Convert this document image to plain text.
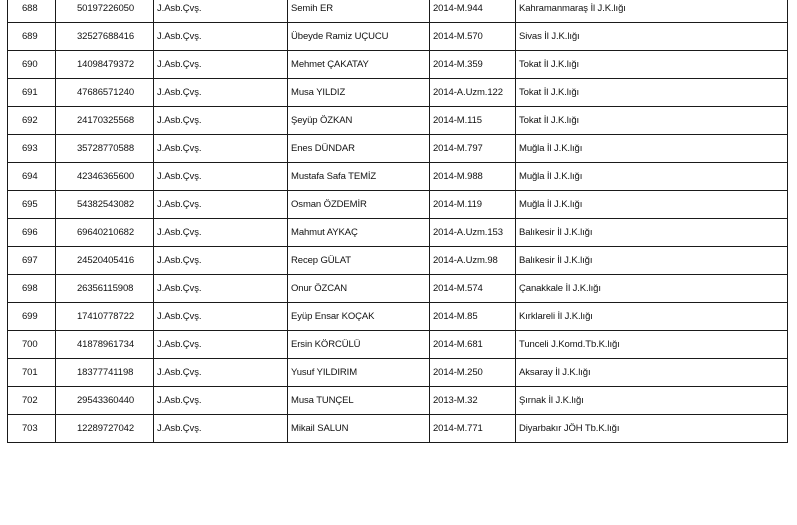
688	50197226050	J.Asb.Çvş.	Semih ER	2014-M.944	Kahramanmaraş İl J.K.lığı
689	32527688416	J.Asb.Çvş.	Übeyde Ramiz UÇUCU	2014-M.570	Sivas İl J.K.lığı
690	14098479372	J.Asb.Çvş.	Mehmet ÇAKATAY	2014-M.359	Tokat İl J.K.lığı
691	47686571240	J.Asb.Çvş.	Musa YILDIZ	2014-A.Uzm.122	Tokat İl J.K.lığı
692	24170325568	J.Asb.Çvş.	Şeyüp ÖZKAN	2014-M.115	Tokat İl J.K.lığı
693	35728770588	J.Asb.Çvş.	Enes DÜNDAR	2014-M.797	Muğla İl J.K.lığı
694	42346365600	J.Asb.Çvş.	Mustafa Safa TEMİZ	2014-M.988	Muğla İl J.K.lığı
695	54382543082	J.Asb.Çvş.	Osman ÖZDEMİR	2014-M.119	Muğla İl J.K.lığı
696	69640210682	J.Asb.Çvş.	Mahmut AYKAÇ	2014-A.Uzm.153	Balıkesir İl J.K.lığı
697	24520405416	J.Asb.Çvş.	Recep GÜLAT	2014-A.Uzm.98	Balıkesir İl J.K.lığı
698	26356115908	J.Asb.Çvş.	Onur ÖZCAN	2014-M.574	Çanakkale İl J.K.lığı
699	17410778722	J.Asb.Çvş.	Eyüp Ensar KOÇAK	2014-M.85	Kırklareli İl J.K.lığı
700	41878961734	J.Asb.Çvş.	Ersin KÖRCÜLÜ	2014-M.681	Tunceli J.Komd.Tb.K.lığı
701	18377741198	J.Asb.Çvş.	Yusuf YILDIRIM	2014-M.250	Aksaray İl J.K.lığı
702	29543360440	J.Asb.Çvş.	Musa TUNÇEL	2013-M.32	Şırnak İl J.K.lığı
703	12289727042	J.Asb.Çvş.	Mikail SALUN	2014-M.771	Diyarbakır JÖH Tb.K.lığı
